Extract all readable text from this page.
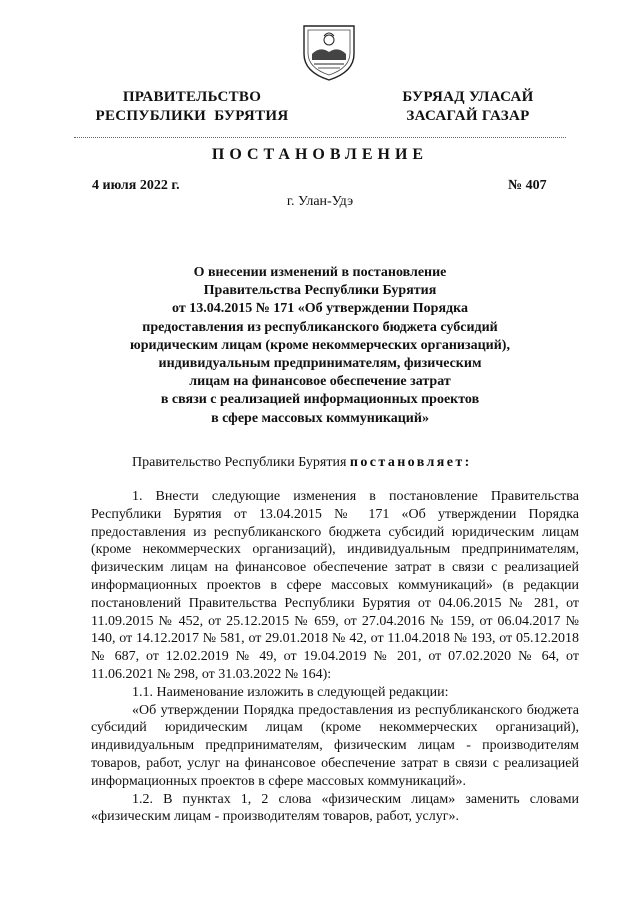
ПРАВИТЕЛЬСТВО
РЕСПУБЛИКИ  БУРЯТИЯ
БУРЯАД УЛАСАЙ
ЗАСАГАЙ ГАЗАР
ПОСТАНОВЛЕНИЕ
4 июля 2022 г.	№ 407
г. Улан-Удэ
О внесении изменений в постановление
Правительства Республики Бурятия
от 13.04.2015 № 171 «Об утверждении Порядка
предоставления из республиканского бюджета субсидий
юридическим лицам (кроме некоммерческих организаций),
индивидуальным предпринимателям, физическим
лицам на финансовое обеспечение затрат
в связи с реализацией информационных проектов
в сфере массовых коммуникаций»
Правительство Республики Бурятия постановляет:

1. Внести следующие изменения в постановление Правительства Республики Бурятия от 13.04.2015 № 171 «Об утверждении Порядка предоставления из республиканского бюджета субсидий юридическим лицам (кроме некоммерческих организаций), индивидуальным предпринимателям, физическим лицам на финансовое обеспечение затрат в связи с реализацией информационных проектов в сфере массовых коммуникаций» (в редакции постановлений Правительства Республики Бурятия от 04.06.2015 № 281, от 11.09.2015 № 452, от 25.12.2015 № 659, от 27.04.2016 № 159, от 06.04.2017 № 140, от 14.12.2017 № 581, от 29.01.2018 № 42, от 11.04.2018 № 193, от 05.12.2018 № 687, от 12.02.2019 № 49, от 19.04.2019 № 201, от 07.02.2020 № 64, от 11.06.2021 № 298, от 31.03.2022 № 164):

1.1. Наименование изложить в следующей редакции:

«Об утверждении Порядка предоставления из республиканского бюджета субсидий юридическим лицам (кроме некоммерческих организаций), индивидуальным предпринимателям, физическим лицам - производителям товаров, работ, услуг на финансовое обеспечение затрат в связи с реализацией информационных проектов в сфере массовых коммуникаций».

1.2. В пунктах 1, 2 слова «физическим лицам» заменить словами «физическим лицам - производителям товаров, работ, услуг».
